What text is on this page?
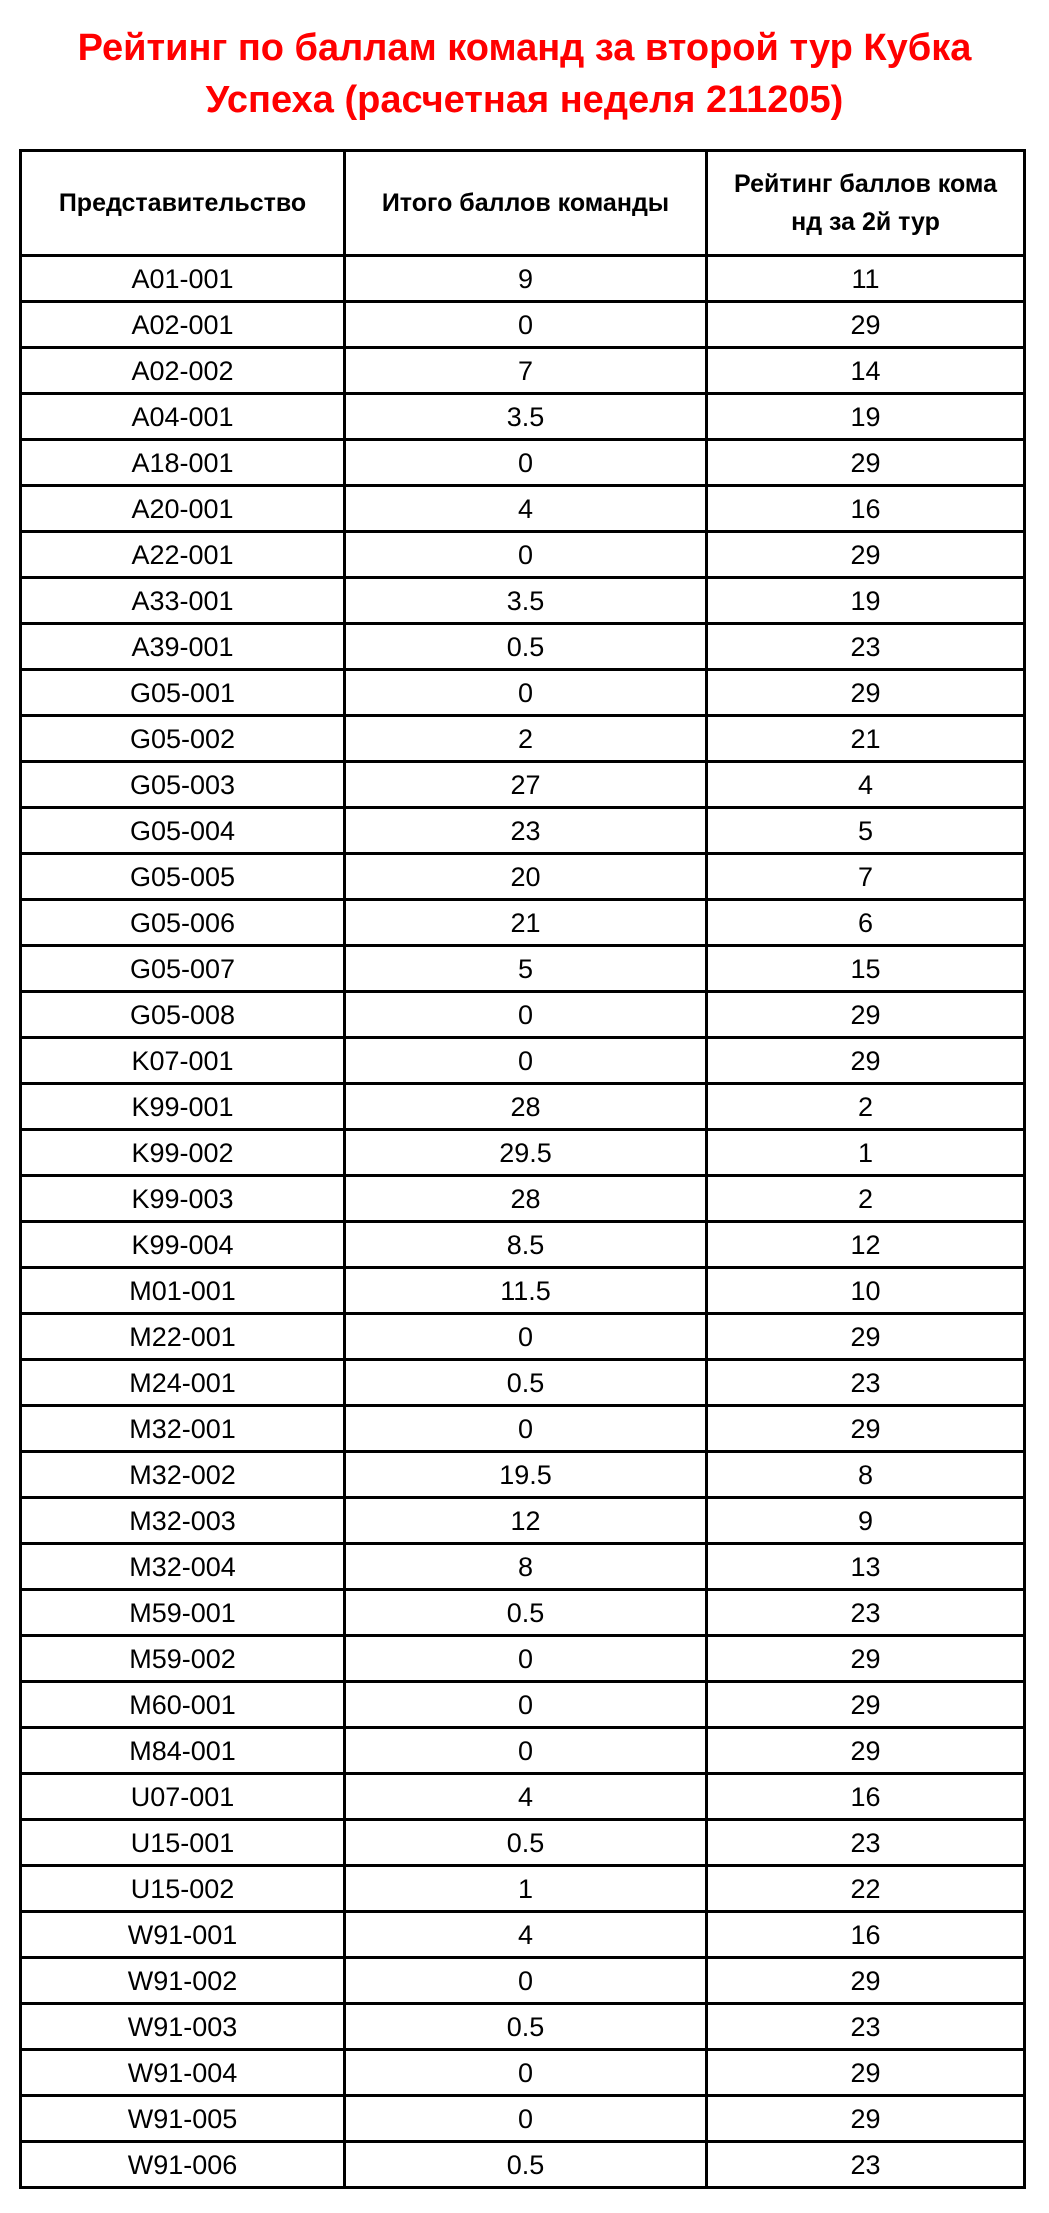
Рейтинг по баллам команд за второй тур Кубка
Успеха (расчетная неделя 211205)
Представительство	Итого баллов команды	Рейтинг баллов кома
нд за 2й тур

A01-001	9	11
A02-001	0	29
A02-002	7	14
A04-001	3.5	19
A18-001	0	29
A20-001	4	16
A22-001	0	29
A33-001	3.5	19
A39-001	0.5	23
G05-001	0	29
G05-002	2	21
G05-003	27	4
G05-004	23	5
G05-005	20	7
G05-006	21	6
G05-007	5	15
G05-008	0	29
K07-001	0	29
K99-001	28	2
K99-002	29.5	1
K99-003	28	2
K99-004	8.5	12
M01-001	11.5	10
M22-001	0	29
M24-001	0.5	23
M32-001	0	29
M32-002	19.5	8
M32-003	12	9
M32-004	8	13
M59-001	0.5	23
M59-002	0	29
M60-001	0	29
M84-001	0	29
U07-001	4	16
U15-001	0.5	23
U15-002	1	22
W91-001	4	16
W91-002	0	29
W91-003	0.5	23
W91-004	0	29
W91-005	0	29
W91-006	0.5	23
